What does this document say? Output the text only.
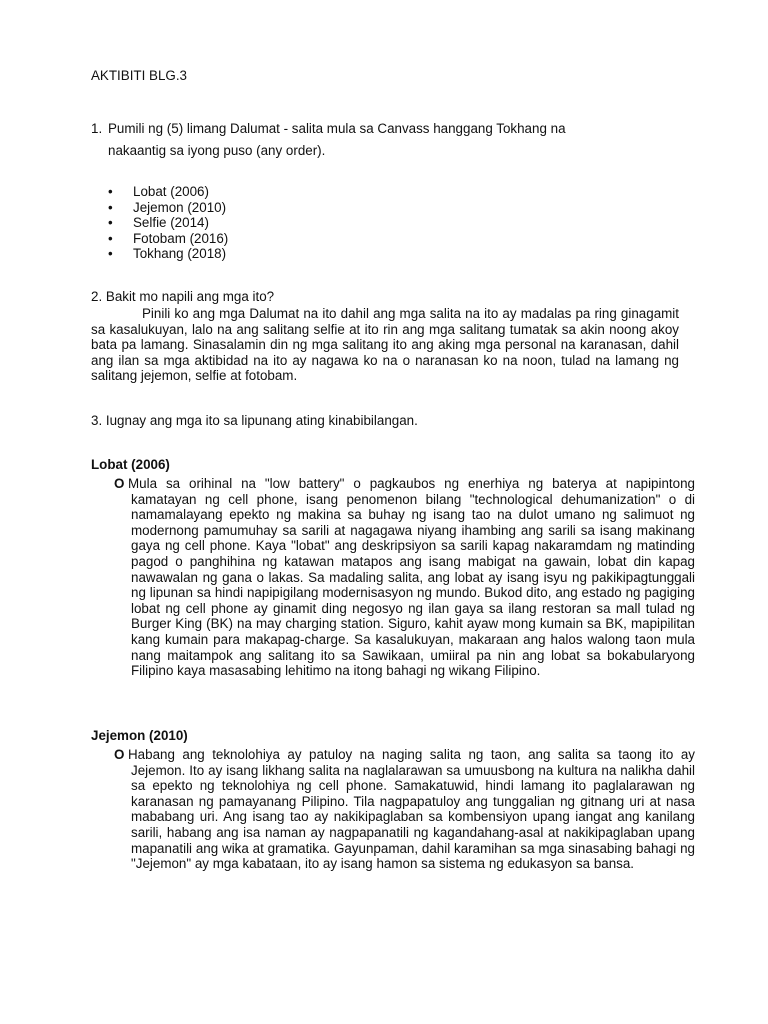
AKTIBITI BLG.3

1. Pumili ng (5) limang Dalumat - salita mula sa Canvass hanggang Tokhang na
nakaantig sa iyong puso (any order).
• Lobat (2006)
• Jejemon (2010)
• Selfie (2014)
• Fotobam (2016)
• Tokhang (2018)

2. Bakit mo napili ang mga ito?

Pinili ko ang mga Dalumat na ito dahil ang mga salita na ito ay madalas pa ring ginagamit sa kasalukuyan, lalo na ang salitang selfie at ito rin ang mga salitang tumatak sa akin noong akoy bata pa lamang. Sinasalamin din ng mga salitang ito ang aking mga personal na karanasan, dahil ang ilan sa mga aktibidad na ito ay nagawa ko na o naranasan ko na noon, tulad na lamang ng salitang jejemon, selfie at fotobam.

3. Iugnay ang mga ito sa lipunang ating kinabibilangan.

Lobat (2006)

O Mula sa orihinal na "low battery" o pagkaubos ng enerhiya ng baterya at napipintong kamatayan ng cell phone, isang penomenon bilang "technological dehumanization" o di namamalayang epekto ng makina sa buhay ng isang tao na dulot umano ng salimuot ng modernong pamumuhay sa sarili at nagagawa niyang ihambing ang sarili sa isang makinang gaya ng cell phone. Kaya "lobat" ang deskripsiyon sa sarili kapag nakaramdam ng matinding pagod o panghihina ng katawan matapos ang isang mabigat na gawain, lobat din kapag nawawalan ng gana o lakas. Sa madaling salita, ang lobat ay isang isyu ng pakikipagtunggali ng lipunan sa hindi napipigilang modernisasyon ng mundo. Bukod dito, ang estado ng pagiging lobat ng cell phone ay ginamit ding negosyo ng ilan gaya sa ilang restoran sa mall tulad ng Burger King (BK) na may charging station. Siguro, kahit ayaw mong kumain sa BK, mapipilitan kang kumain para makapag-charge. Sa kasalukuyan, makaraan ang halos walong taon mula nang maitampok ang salitang ito sa Sawikaan, umiiral pa nin ang lobat sa bokabularyong Filipino kaya masasabing lehitimo na itong bahagi ng wikang Filipino.

Jejemon (2010)

O Habang ang teknolohiya ay patuloy na naging salita ng taon, ang salita sa taong ito ay Jejemon. Ito ay isang likhang salita na naglalarawan sa umuusbong na kultura na nalikha dahil sa epekto ng teknolohiya ng cell phone. Samakatuwid, hindi lamang ito paglalarawan ng karanasan ng pamayanang Pilipino. Tila nagpapatuloy ang tunggalian ng gitnang uri at nasa mababang uri. Ang isang tao ay nakikipaglaban sa kombensiyon upang iangat ang kanilang sarili, habang ang isa naman ay nagpapanatili ng kagandahang-asal at nakikipaglaban upang mapanatili ang wika at gramatika. Gayunpaman, dahil karamihan sa mga sinasabing bahagi ng "Jejemon" ay mga kabataan, ito ay isang hamon sa sistema ng edukasyon sa bansa.
